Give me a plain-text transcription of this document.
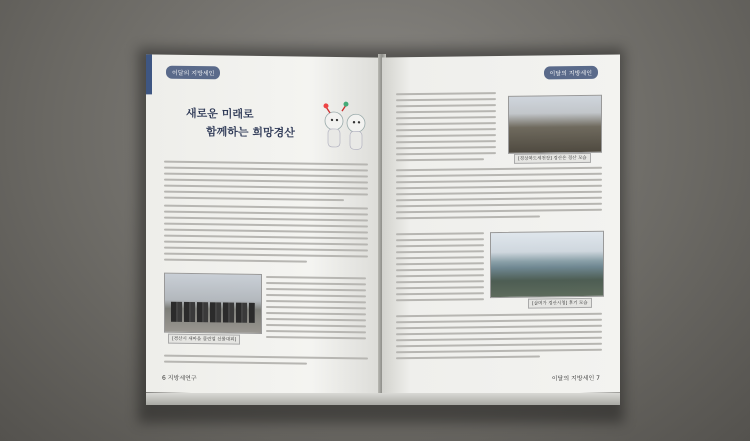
이달의 지방세인
새로운 미래로
함께하는 희망경산
[경산시 새마을 클린업 선물대회]
6 지방세연구
이달의 지방세인
[경상북도세천장] 경산은 경산 모습
[살며가 경산시청] 후기 모습
이달의 지방세인 7
